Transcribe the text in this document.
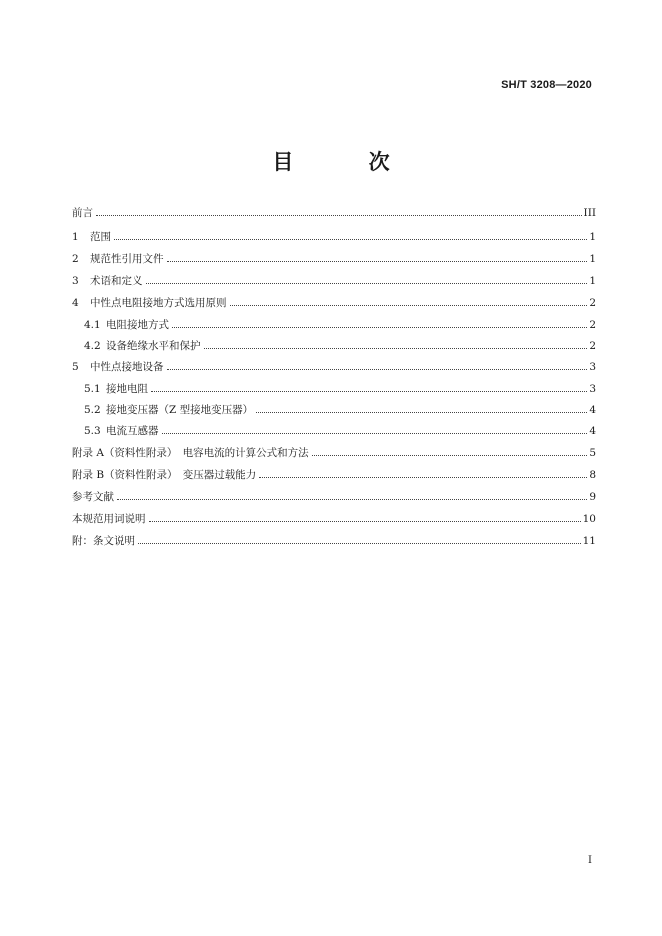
SH/T 3208—2020
目 次
前言	III
1 范围	1
2 规范性引用文件	1
3 术语和定义	1
4 中性点电阻接地方式选用原则	2
4.1 电阻接地方式	2
4.2 设备绝缘水平和保护	2
5 中性点接地设备	3
5.1 接地电阻	3
5.2 接地变压器（Z 型接地变压器）	4
5.3 电流互感器	4
附录 A（资料性附录）　电容电流的计算公式和方法	5
附录 B（资料性附录）　变压器过载能力	8
参考文献	9
本规范用词说明	10
附：条文说明	11
I
